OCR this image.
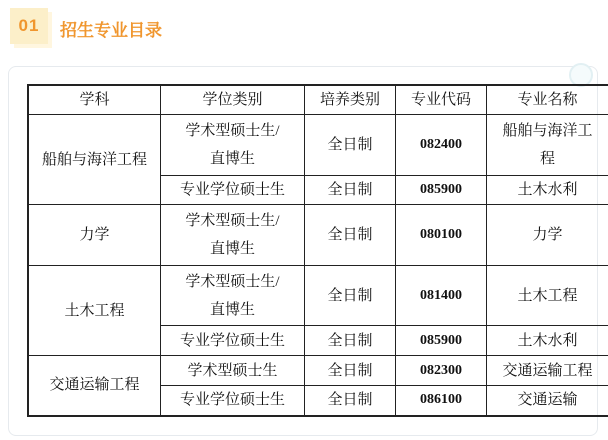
01 招生专业目录
学科	学位类别	培养类别	专业代码	专业名称
船舶与海洋工程	学术型硕士生/直博生	全日制	082400	船舶与海洋工程
	专业学位硕士生	全日制	085900	土木水利
力学	学术型硕士生/直博生	全日制	080100	力学
土木工程	学术型硕士生/直博生	全日制	081400	土木工程
	专业学位硕士生	全日制	085900	土木水利
交通运输工程	学术型硕士生	全日制	082300	交通运输工程
	专业学位硕士生	全日制	086100	交通运输
